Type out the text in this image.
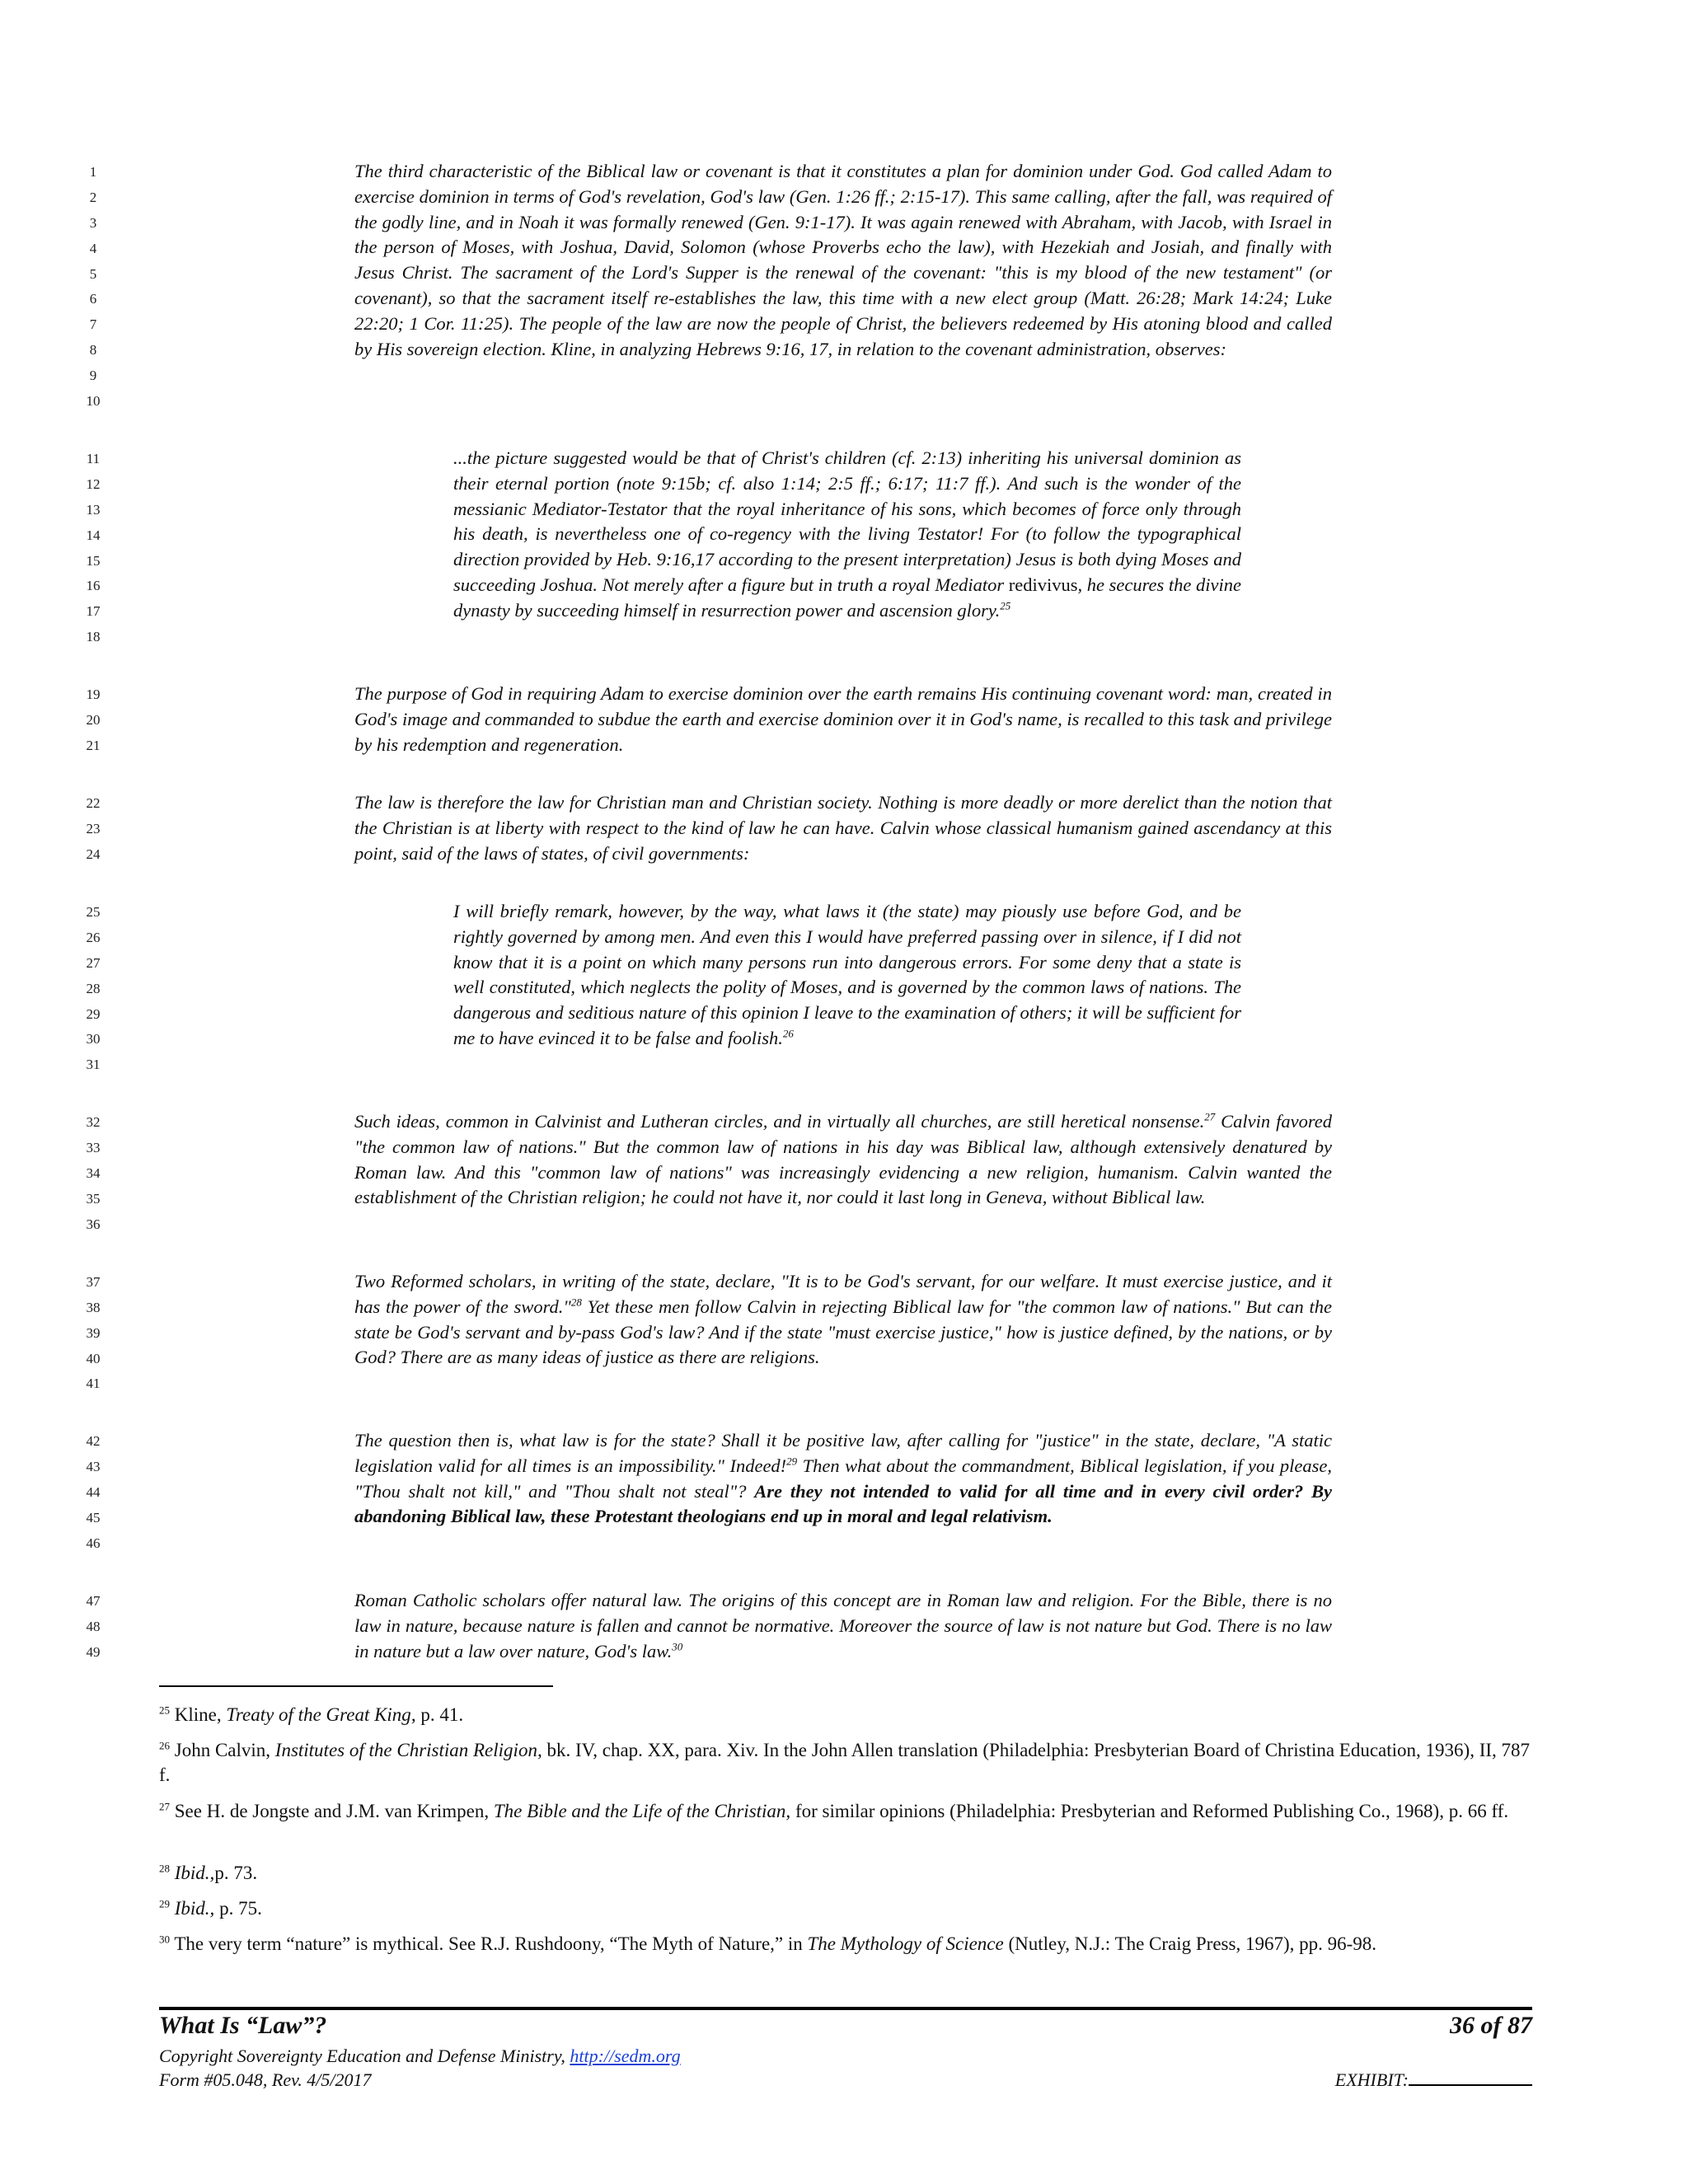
1
2
3
4
5
6
7
8
9
10
11
12
13
14
15
16
17
18
19
20
21
22
23
24
25
26
27
28
29
30
31
32
33
34
35
36
37
38
39
40
41
42
43
44
45
46
47
48
49

The third characteristic of the Biblical law or covenant is that it constitutes a plan for dominion under God. God called Adam to exercise dominion in terms of God's revelation, God's law (Gen. 1:26 ff.; 2:15-17). This same calling, after the fall, was required of the godly line, and in Noah it was formally renewed (Gen. 9:1-17). It was again renewed with Abraham, with Jacob, with Israel in the person of Moses, with Joshua, David, Solomon (whose Proverbs echo the law), with Hezekiah and Josiah, and finally with Jesus Christ. The sacrament of the Lord's Supper is the renewal of the covenant: "this is my blood of the new testament" (or covenant), so that the sacrament itself re-establishes the law, this time with a new elect group (Matt. 26:28; Mark 14:24; Luke 22:20; 1 Cor. 11:25). The people of the law are now the people of Christ, the believers redeemed by His atoning blood and called by His sovereign election. Kline, in analyzing Hebrews 9:16, 17, in relation to the covenant administration, observes:

...the picture suggested would be that of Christ's children (cf. 2:13) inheriting his universal dominion as their eternal portion (note 9:15b; cf. also 1:14; 2:5 ff.; 6:17; 11:7 ff.). And such is the wonder of the messianic Mediator-Testator that the royal inheritance of his sons, which becomes of force only through his death, is nevertheless one of co-regency with the living Testator! For (to follow the typographical direction provided by Heb. 9:16,17 according to the present interpretation) Jesus is both dying Moses and succeeding Joshua. Not merely after a figure but in truth a royal Mediator redivivus, he secures the divine dynasty by succeeding himself in resurrection power and ascension glory.$^{25}$

The purpose of God in requiring Adam to exercise dominion over the earth remains His continuing covenant word: man, created in God's image and commanded to subdue the earth and exercise dominion over it in God's name, is recalled to this task and privilege by his redemption and regeneration.

The law is therefore the law for Christian man and Christian society. Nothing is more deadly or more derelict than the notion that the Christian is at liberty with respect to the kind of law he can have. Calvin whose classical humanism gained ascendancy at this point, said of the laws of states, of civil governments:

I will briefly remark, however, by the way, what laws it (the state) may piously use before God, and be rightly governed by among men. And even this I would have preferred passing over in silence, if I did not know that it is a point on which many persons run into dangerous errors. For some deny that a state is well constituted, which neglects the polity of Moses, and is governed by the common laws of nations. The dangerous and seditious nature of this opinion I leave to the examination of others; it will be sufficient for me to have evinced it to be false and foolish.$^{26}$

Such ideas, common in Calvinist and Lutheran circles, and in virtually all churches, are still heretical nonsense.$^{27}$ Calvin favored "the common law of nations." But the common law of nations in his day was Biblical law, although extensively denatured by Roman law. And this "common law of nations" was increasingly evidencing a new religion, humanism. Calvin wanted the establishment of the Christian religion; he could not have it, nor could it last long in Geneva, without Biblical law.

Two Reformed scholars, in writing of the state, declare, "It is to be God's servant, for our welfare. It must exercise justice, and it has the power of the sword."$^{28}$ Yet these men follow Calvin in rejecting Biblical law for "the common law of nations." But can the state be God's servant and by-pass God's law? And if the state "must exercise justice," how is justice defined, by the nations, or by God? There are as many ideas of justice as there are religions.

The question then is, what law is for the state? Shall it be positive law, after calling for "justice" in the state, declare, "A static legislation valid for all times is an impossibility." Indeed!$^{29}$ Then what about the commandment, Biblical legislation, if you please, "Thou shalt not kill," and "Thou shalt not steal"? Are they not intended to valid for all time and in every civil order? By abandoning Biblical law, these Protestant theologians end up in moral and legal relativism.

Roman Catholic scholars offer natural law. The origins of this concept are in Roman law and religion. For the Bible, there is no law in nature, because nature is fallen and cannot be normative. Moreover the source of law is not nature but God. There is no law in nature but a law over nature, God's law.$^{30}$

$^{25}$ Kline, Treaty of the Great King, p. 41.

$^{26}$ John Calvin, Institutes of the Christian Religion, bk. IV, chap. XX, para. Xiv. In the John Allen translation (Philadelphia: Presbyterian Board of Christina Education, 1936), II, 787 f.

$^{27}$ See H. de Jongste and J.M. van Krimpen, The Bible and the Life of the Christian, for similar opinions (Philadelphia: Presbyterian and Reformed Publishing Co., 1968), p. 66 ff.

$^{28}$ Ibid.,p. 73.

$^{29}$ Ibid., p. 75.

$^{30}$ The very term “nature” is mythical. See R.J. Rushdoony, “The Myth of Nature,” in The Mythology of Science (Nutley, N.J.: The Craig Press, 1967), pp. 96-98.

What Is “Law”?	36 of 87
Copyright Sovereignty Education and Defense Ministry, http://sedm.org
Form #05.048, Rev. 4/5/2017	EXHIBIT:
